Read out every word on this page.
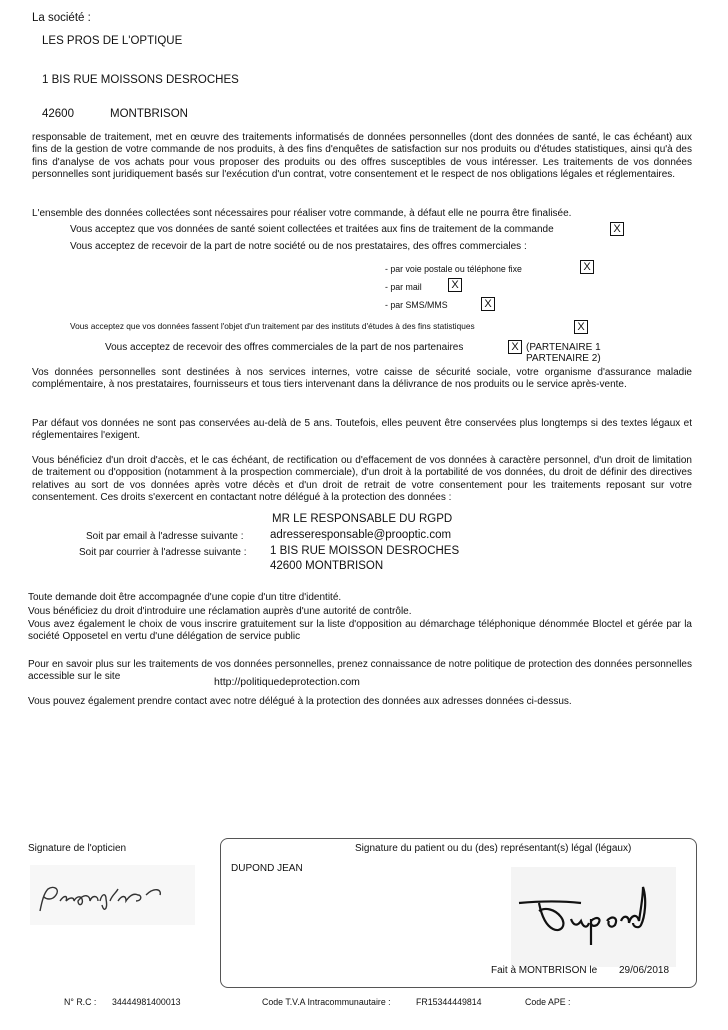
La société :
LES PROS DE L'OPTIQUE
1 BIS RUE MOISSONS DESROCHES
42600	MONTBRISON
responsable de traitement, met en œuvre des traitements informatisés de données personnelles (dont des données de santé, le cas échéant) aux fins de la gestion de votre commande de nos produits, à des fins d'enquêtes de satisfaction sur nos produits ou d'études statistiques, ainsi qu'à des fins d'analyse de vos achats pour vous proposer des produits ou des offres susceptibles de vous intéresser. Les traitements de vos données personnelles sont juridiquement basés sur l'exécution d'un contrat, votre consentement et le respect de nos obligations légales et réglementaires.
L'ensemble des données collectées sont nécessaires pour réaliser votre commande, à défaut elle ne pourra être finalisée.
Vous acceptez que vos données de santé soient collectées et traitées aux fins de traitement de la commande	X
Vous acceptez de recevoir de la part de notre société ou de nos prestataires, des offres commerciales :
- par voie postale ou téléphone fixe	X
- par mail	X
- par SMS/MMS	X
Vous acceptez que vos données fassent l'objet d'un traitement par des instituts d'études à des fins statistiques	X
Vous acceptez de recevoir des offres commerciales de la part de nos partenaires	X (PARTENAIRE 1
PARTENAIRE 2)
Vos données personnelles sont destinées à nos services internes, votre caisse de sécurité sociale, votre organisme d'assurance maladie complémentaire, à nos prestataires, fournisseurs et tous tiers intervenant dans la délivrance de nos produits ou le service après-vente.
Par défaut vos données ne sont pas conservées au-delà de 5 ans. Toutefois, elles peuvent être conservées plus longtemps si des textes légaux et réglementaires l'exigent.
Vous bénéficiez d'un droit d'accès, et le cas échéant, de rectification ou d'effacement de vos données à caractère personnel, d'un droit de limitation de traitement ou d'opposition (notamment à la prospection commerciale), d'un droit à la portabilité de vos données, du droit de définir des directives relatives au sort de vos données après votre décès et d'un droit de retrait de votre consentement pour les traitements reposant sur votre consentement. Ces droits s'exercent en contactant notre délégué à la protection des données :
MR LE RESPONSABLE DU RGPD
Soit par email à l'adresse suivante : adresseresponsable@prooptic.com
Soit par courrier à l'adresse suivante : 1 BIS RUE MOISSON DESROCHES
42600 MONTBRISON
Toute demande doit être accompagnée d'une copie d'un titre d'identité.
Vous bénéficiez du droit d'introduire une réclamation auprès d'une autorité de contrôle.
Vous avez également le choix de vous inscrire gratuitement sur la liste d'opposition au démarchage téléphonique dénommée Bloctel et gérée par la société Opposetel en vertu d'une délégation de service public
Pour en savoir plus sur les traitements de vos données personnelles, prenez connaissance de notre politique de protection des données personnelles accessible sur le site	http://politiquedeprotection.com
Vous pouvez également prendre contact avec notre délégué à la protection des données aux adresses données ci-dessus.
Signature de l'opticien	Signature du patient ou du (des) représentant(s) légal (légaux)
DUPOND JEAN
Fait à MONTBRISON le 29/06/2018
N° R.C : 34444981400013	Code T.V.A Intracommunautaire :	FR15344449814	Code APE :
